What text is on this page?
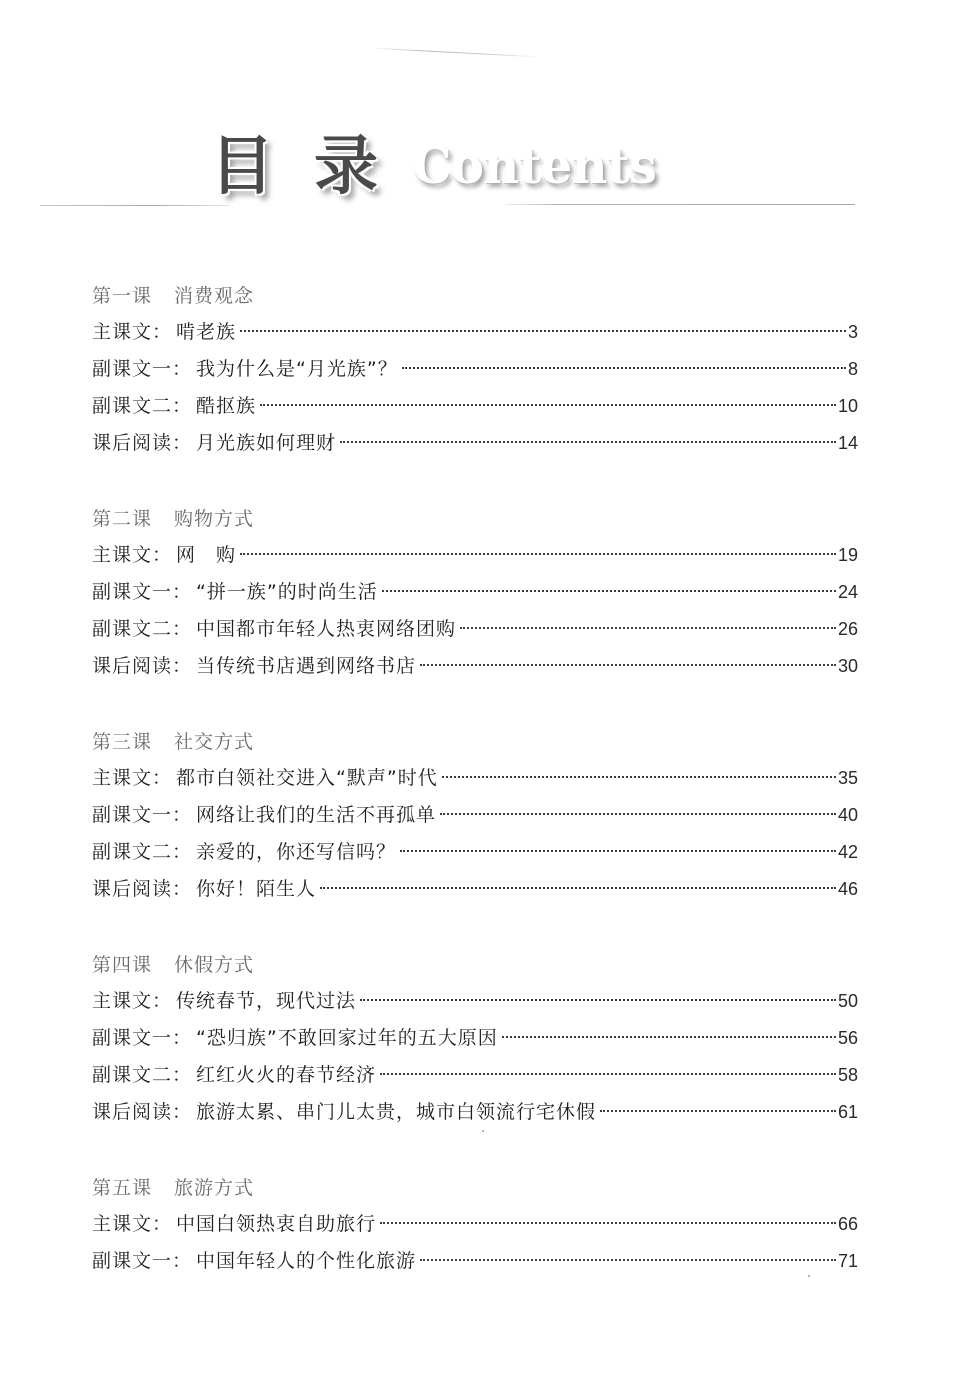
目 录 Contents
第一课 消费观念
主课文： 啃老族	3
副课文一： 我为什么是“月光族”？	8
副课文二： 酷抠族	10
课后阅读： 月光族如何理财	14
第二课 购物方式
主课文： 网　购	19
副课文一： “拼一族”的时尚生活	24
副课文二： 中国都市年轻人热衷网络团购	26
课后阅读： 当传统书店遇到网络书店	30
第三课 社交方式
主课文： 都市白领社交进入“默声”时代	35
副课文一： 网络让我们的生活不再孤单	40
副课文二： 亲爱的，你还写信吗？	42
课后阅读： 你好！陌生人	46
第四课 休假方式
主课文： 传统春节，现代过法	50
副课文一： “恐归族”不敢回家过年的五大原因	56
副课文二： 红红火火的春节经济	58
课后阅读： 旅游太累、串门儿太贵，城市白领流行宅休假	61
第五课 旅游方式
主课文： 中国白领热衷自助旅行	66
副课文一： 中国年轻人的个性化旅游	71
